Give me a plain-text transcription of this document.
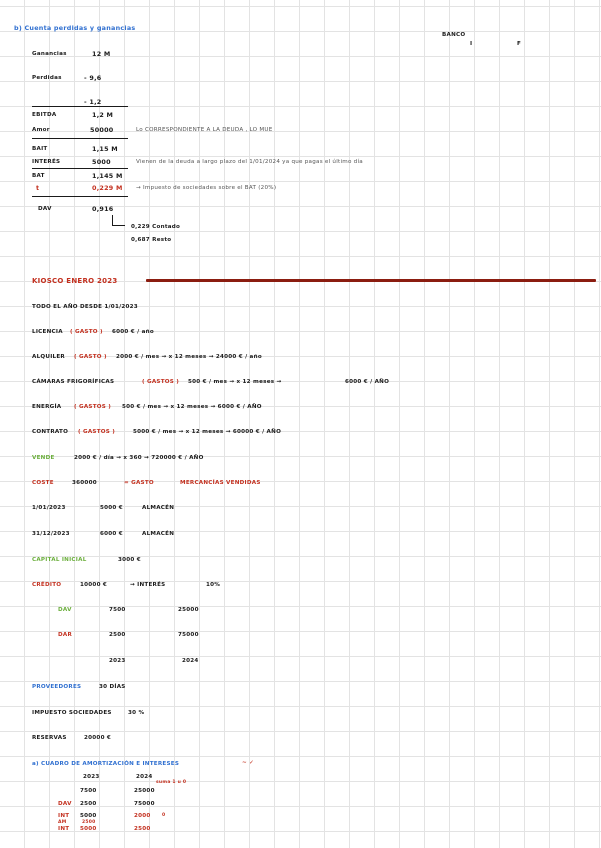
b) Cuenta perdidas y ganancias
BANCO
I	F
Ganancias	12 M
Perdidas	- 9,6
- 1,2
EBITDA	1,2 M
Amor	50000	Lo CORRESPONDIENTE A LA DEUDA , LO MUE
BAIT	1,15 M
INTERÉS	5000	Vienen de la deuda a largo plazo del 1/01/2024 ya que pagas el último día
BAT	1,145 M
t	0,229 M → Impuesto de sociedades sobre el BAT (20%)
DAV	0,916
0,229 Contado
0,687 Resto
KIOSCO ENERO 2023
TODO EL AÑO DESDE 1/01/2023
LICENCIA ( GASTO ) 6000 € / año
ALQUILER ( GASTO ) 2000 € / mes → x 12 meses → 24000 € / año
CÁMARAS FRIGORÍFICAS	( GASTOS ) 500 € / mes → x 12 meses →	6000 € / AÑO
ENERGÍA ( GASTOS ) 500 € / mes → x 12 meses → 6000 € / AÑO
CONTRATO ( GASTOS )	5000 € / mes → x 12 meses → 60000 € / AÑO
VENDE	2000 € / día → x 360 → 720000 € / AÑO
COSTE	360000	= GASTO	MERCANCÍAS VENDIDAS
1/01/2023	5000 €	ALMACÉN
31/12/2023	6000 €	ALMACÉN
CAPITAL INICIAL	3000 €
CRÉDITO	10000 €	→ INTERÉS	10%
DAV	7500	25000
DAR	2500	75000
2023	2024
PROVEEDORES	30 DÍAS
IMPUESTO SOCIEDADES	30 %
RESERVAS	20000 €
a) CUADRO DE AMORTIZACIÓN E INTERESES	~ ✓
2023	2024
suma 1 u 0
7500	25000
DAV 2500	75000
INT 5000	2000
AM	2500
0
INT 5000	2500
